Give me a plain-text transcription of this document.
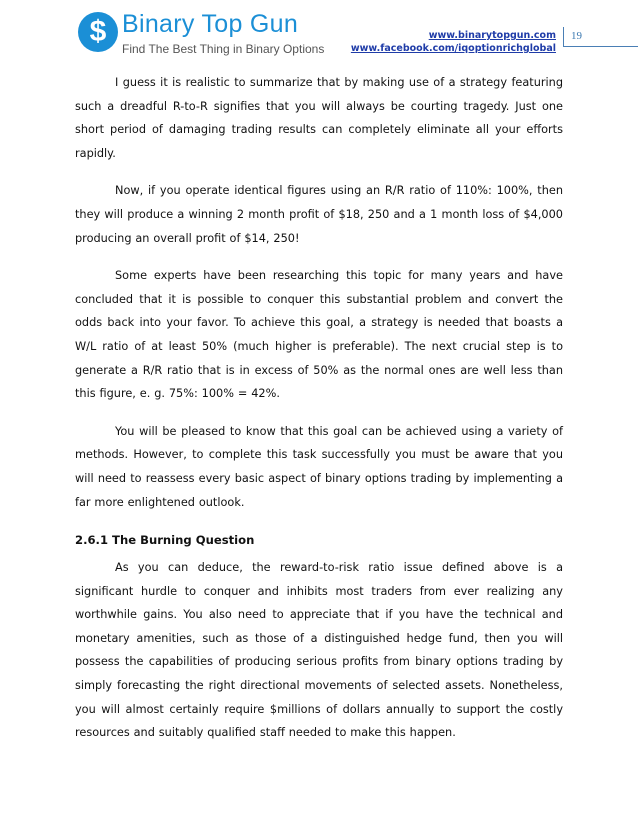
$ Binary Top Gun
Find The Best Thing in Binary Options
www.binarytopgun.com
www.facebook.com/iqoptionrichglobal
19

I guess it is realistic to summarize that by making use of a strategy featuring such a dreadful R-to-R signifies that you will always be courting tragedy. Just one short period of damaging trading results can completely eliminate all your efforts rapidly.

Now, if you operate identical figures using an R/R ratio of 110%: 100%, then they will produce a winning 2 month profit of $18, 250 and a 1 month loss of $4,000 producing an overall profit of $14, 250!

Some experts have been researching this topic for many years and have concluded that it is possible to conquer this substantial problem and convert the odds back into your favor. To achieve this goal, a strategy is needed that boasts a W/L ratio of at least 50% (much higher is preferable). The next crucial step is to generate a R/R ratio that is in excess of 50% as the normal ones are well less than this figure, e. g. 75%: 100% = 42%.

You will be pleased to know that this goal can be achieved using a variety of methods. However, to complete this task successfully you must be aware that you will need to reassess every basic aspect of binary options trading by implementing a far more enlightened outlook.

2.6.1 The Burning Question

As you can deduce, the reward-to-risk ratio issue defined above is a significant hurdle to conquer and inhibits most traders from ever realizing any worthwhile gains. You also need to appreciate that if you have the technical and monetary amenities, such as those of a distinguished hedge fund, then you will possess the capabilities of producing serious profits from binary options trading by simply forecasting the right directional movements of selected assets. Nonetheless, you will almost certainly require $millions of dollars annually to support the costly resources and suitably qualified staff needed to make this happen.
